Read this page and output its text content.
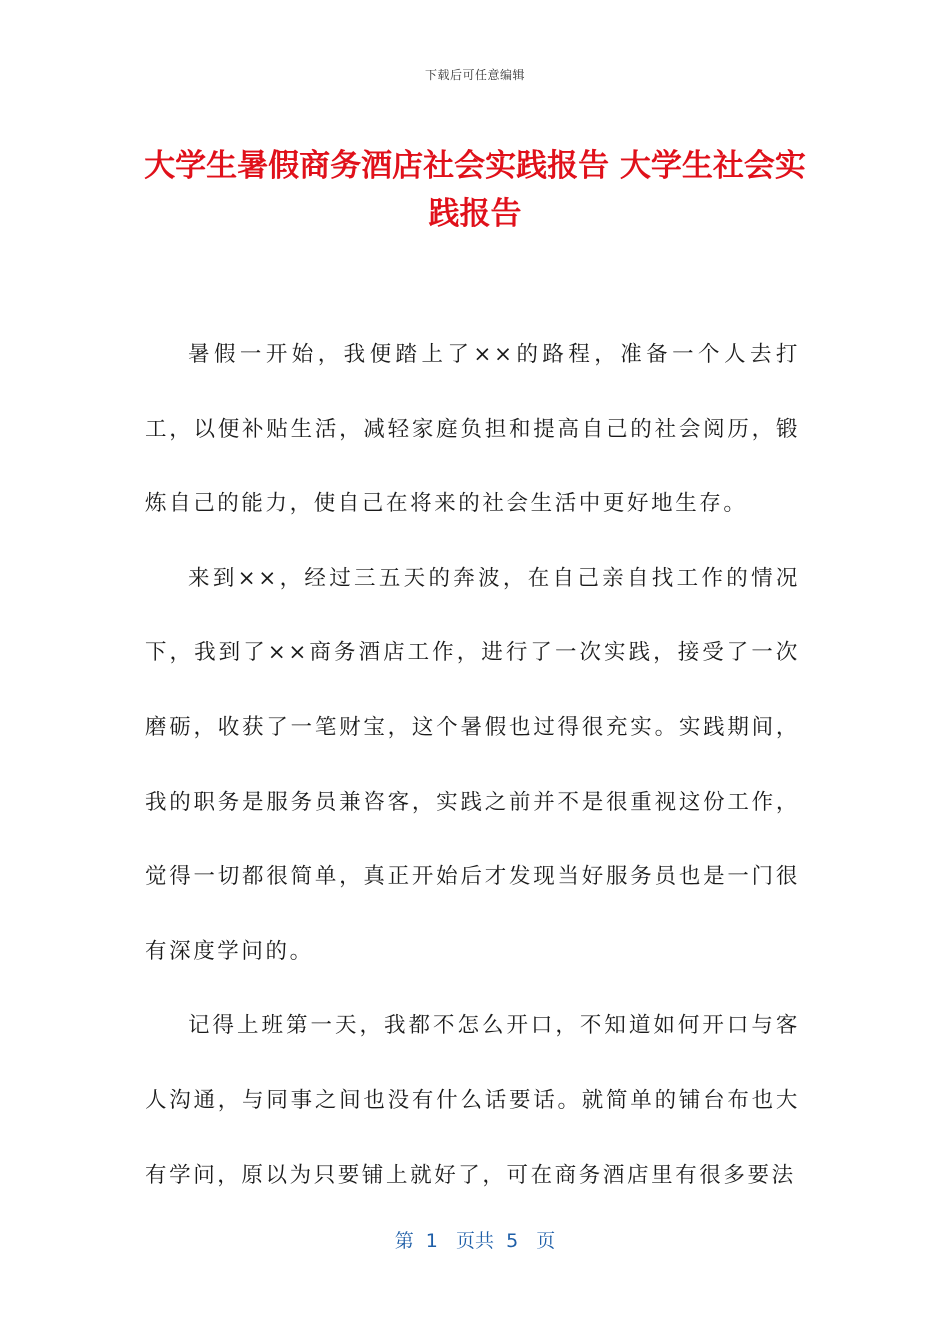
下载后可任意编辑
大学生暑假商务酒店社会实践报告 大学生社会实践报告

暑假一开始，我便踏上了××的路程，准备一个人去打工，以便补贴生活，减轻家庭负担和提高自己的社会阅历，锻炼自己的能力，使自己在将来的社会生活中更好地生存。

来到××，经过三五天的奔波，在自己亲自找工作的情况下，我到了××商务酒店工作，进行了一次实践，接受了一次磨砺，收获了一笔财宝，这个暑假也过得很充实。实践期间，我的职务是服务员兼咨客，实践之前并不是很重视这份工作，觉得一切都很简单，真正开始后才发现当好服务员也是一门很有深度学问的。

记得上班第一天，我都不怎么开口，不知道如何开口与客人沟通，与同事之间也没有什么话要话。就简单的铺台布也大有学问，原以为只要铺上就好了，可在商务酒店里有很多要法

第  1   页共  5   页
